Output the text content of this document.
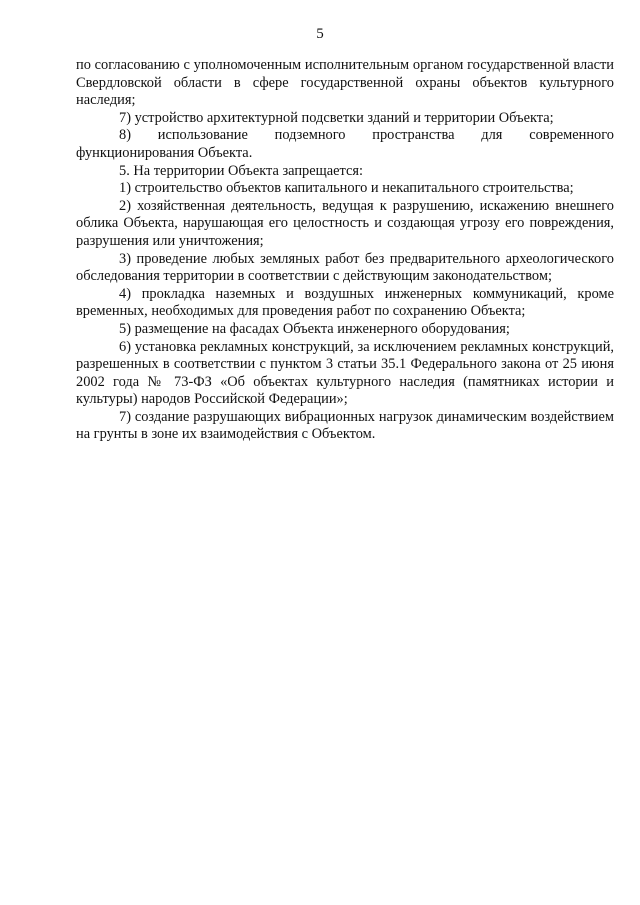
5

по согласованию с уполномоченным исполнительным органом государственной власти Свердловской области в сфере государственной охраны объектов культурного наследия;

7) устройство архитектурной подсветки зданий и территории Объекта;

8) использование подземного пространства для современного функционирования Объекта.

5. На территории Объекта запрещается:

1) строительство объектов капитального и некапитального строительства;

2) хозяйственная деятельность, ведущая к разрушению, искажению внешнего облика Объекта, нарушающая его целостность и создающая угрозу его повреждения, разрушения или уничтожения;

3) проведение любых земляных работ без предварительного археологического обследования территории в соответствии с действующим законодательством;

4) прокладка наземных и воздушных инженерных коммуникаций, кроме временных, необходимых для проведения работ по сохранению Объекта;

5) размещение на фасадах Объекта инженерного оборудования;

6) установка рекламных конструкций, за исключением рекламных конструкций, разрешенных в соответствии с пунктом 3 статьи 35.1 Федерального закона от 25 июня 2002 года № 73-ФЗ «Об объектах культурного наследия (памятниках истории и культуры) народов Российской Федерации»;

7) создание разрушающих вибрационных нагрузок динамическим воздействием на грунты в зоне их взаимодействия с Объектом.
